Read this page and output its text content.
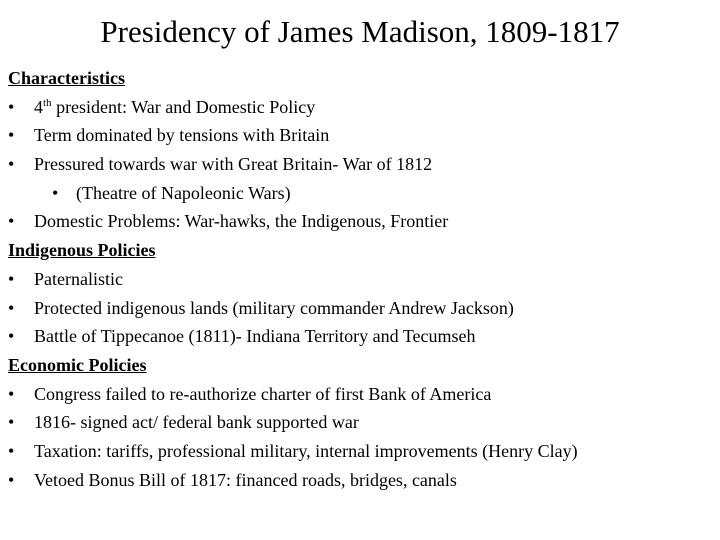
Presidency of James Madison, 1809-1817
Characteristics
•	4th president: War and Domestic Policy
•	Term dominated by tensions with Britain
•	Pressured towards war with Great Britain- War of 1812
• (Theatre of Napoleonic Wars)
•	Domestic Problems: War-hawks, the Indigenous, Frontier
Indigenous Policies
•	Paternalistic
•	Protected indigenous lands (military commander Andrew Jackson)
•	Battle of Tippecanoe (1811)- Indiana Territory and Tecumseh
Economic Policies
•	Congress failed to re-authorize charter of first Bank of America
•	1816- signed act/ federal bank supported war
•	Taxation: tariffs, professional military, internal improvements (Henry Clay)
•	Vetoed Bonus Bill of 1817: financed roads, bridges, canals
